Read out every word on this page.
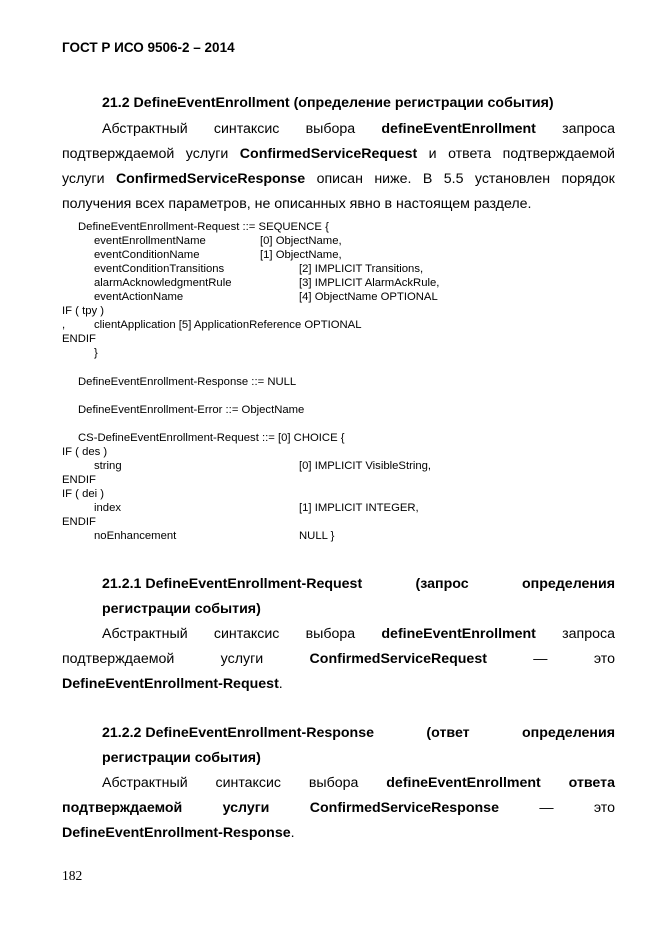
ГОСТ Р ИСО 9506-2 – 2014
21.2 DefineEventEnrollment (определение регистрации события)
Абстрактный синтаксис выбора defineEventEnrollment запроса
подтверждаемой услуги ConfirmedServiceRequest и ответа подтверждаемой
услуги ConfirmedServiceResponse описан ниже. В 5.5 установлен порядок
получения всех параметров, не описанных явно в настоящем разделе.
DefineEventEnrollment-Request ::= SEQUENCE {
eventEnrollmentName	[0] ObjectName,
eventConditionName	[1] ObjectName,
eventConditionTransitions	[2] IMPLICIT Transitions,
alarmAcknowledgmentRule	[3] IMPLICIT AlarmAckRule,
eventActionName	[4] ObjectName OPTIONAL
IF ( tpy )
,	clientApplication [5] ApplicationReference OPTIONAL
ENDIF
}
DefineEventEnrollment-Response ::= NULL
DefineEventEnrollment-Error ::= ObjectName
CS-DefineEventEnrollment-Request ::= [0] CHOICE {
IF ( des )
string	[0] IMPLICIT VisibleString,
ENDIF
IF ( dei )
index	[1] IMPLICIT INTEGER,
ENDIF
noEnhancement	NULL }
21.2.1 DefineEventEnrollment-Request	(запрос	определения
регистрации события)
Абстрактный синтаксис выбора defineEventEnrollment запроса
подтверждаемой	услуги	ConfirmedServiceRequest	—	это
DefineEventEnrollment-Request.
21.2.2 DefineEventEnrollment-Response	(ответ	определения
регистрации события)
Абстрактный синтаксис выбора defineEventEnrollment ответа
подтверждаемой	услуги	ConfirmedServiceResponse	—	это
DefineEventEnrollment-Response.
182
